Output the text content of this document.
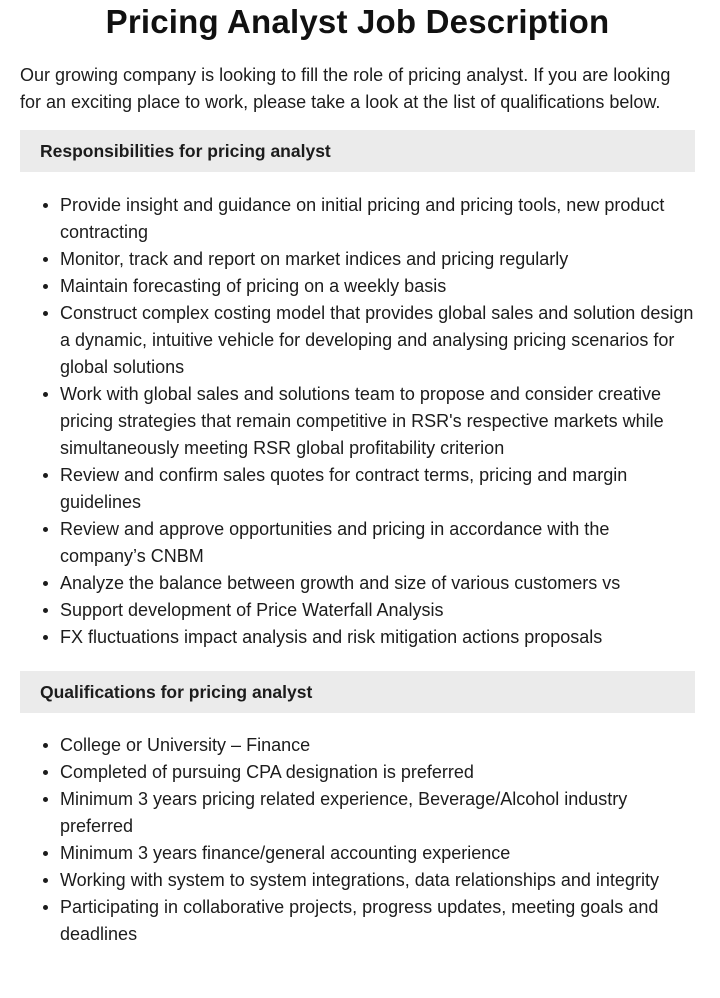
Pricing Analyst Job Description

Our growing company is looking to fill the role of pricing analyst. If you are looking for an exciting place to work, please take a look at the list of qualifications below.

Responsibilities for pricing analyst
Provide insight and guidance on initial pricing and pricing tools, new product contracting
Monitor, track and report on market indices and pricing regularly
Maintain forecasting of pricing on a weekly basis
Construct complex costing model that provides global sales and solution design a dynamic, intuitive vehicle for developing and analysing pricing scenarios for global solutions
Work with global sales and solutions team to propose and consider creative pricing strategies that remain competitive in RSR's respective markets while simultaneously meeting RSR global profitability criterion
Review and confirm sales quotes for contract terms, pricing and margin guidelines
Review and approve opportunities and pricing in accordance with the company’s CNBM
Analyze the balance between growth and size of various customers vs
Support development of Price Waterfall Analysis
FX fluctuations impact analysis and risk mitigation actions proposals
Qualifications for pricing analyst
College or University – Finance
Completed of pursuing CPA designation is preferred
Minimum 3 years pricing related experience, Beverage/Alcohol industry preferred
Minimum 3 years finance/general accounting experience
Working with system to system integrations, data relationships and integrity
Participating in collaborative projects, progress updates, meeting goals and deadlines
